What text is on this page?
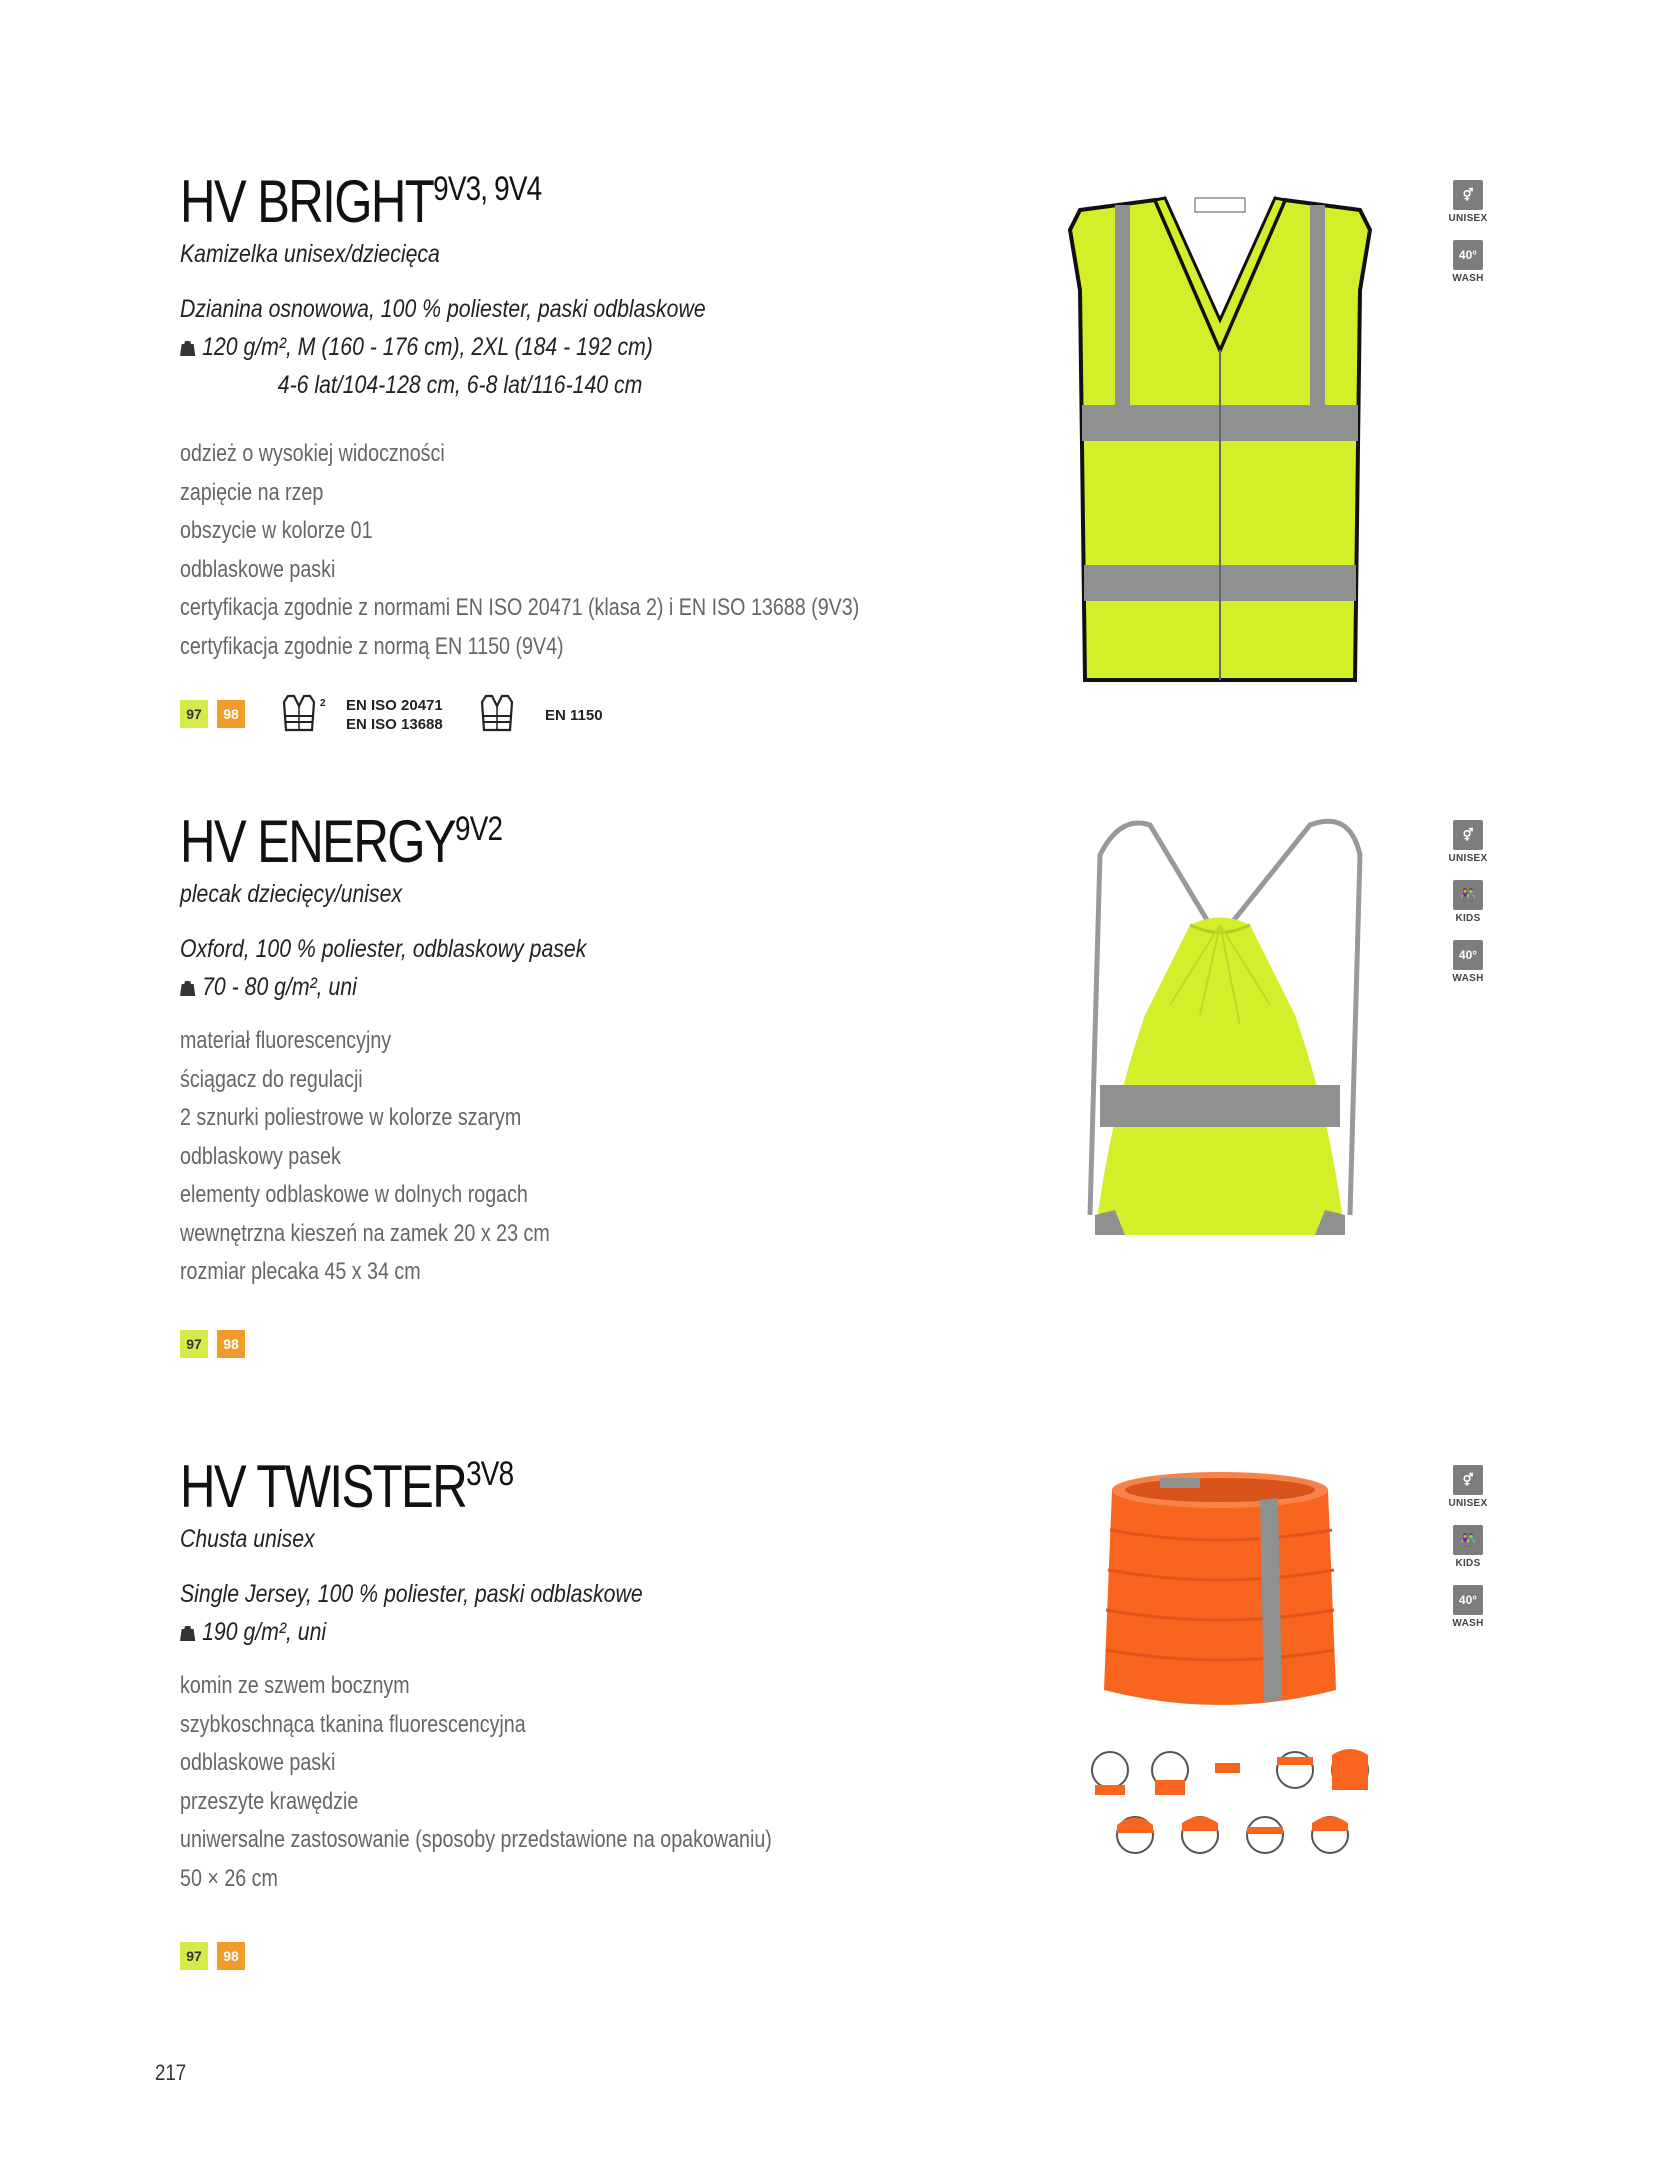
HV $BRIGHT^{9V3, 9V4}$
Kamizelka unisex/dziecięca
Dzianina osnowowa, 100 % poliester, paski odblaskowe
120 g/m², M (160 - 176 cm), 2XL (184 - 192 cm)
4-6 lat/104-128 cm, 6-8 lat/116-140 cm
odzież o wysokiej widoczności
zapięcie na rzep
obszycie w kolorze 01
odblaskowe paski
certyfikacja zgodnie z normami EN ISO 20471 (klasa 2) i EN ISO 13688 (9V3)
certyfikacja zgodnie z normą EN 1150 (9V4)
97	98
2 EN ISO 20471
EN ISO 13688
EN 1150
⚥
UNISEX
40°
WASH
HV $ENERGY^{9V2}$
plecak dziecięcy/unisex
Oxford, 100 % poliester, odblaskowy pasek
70 - 80 g/m², uni
materiał fluorescencyjny
ściągacz do regulacji
2 sznurki poliestrowe w kolorze szarym
odblaskowy pasek
elementy odblaskowe w dolnych rogach
wewnętrzna kieszeń na zamek 20 x 23 cm
rozmiar plecaka 45 x 34 cm
97	98
⚥
UNISEX
👫
KIDS
40°
WASH
HV $TWISTER^{3V8}$
Chusta unisex
Single Jersey, 100 % poliester, paski odblaskowe
190 g/m², uni
komin ze szwem bocznym
szybkoschnąca tkanina fluorescencyjna
odblaskowe paski
przeszyte krawędzie
uniwersalne zastosowanie (sposoby przedstawione na opakowaniu)
50 × 26 cm
97	98
⚥
UNISEX
👫
KIDS
40°
WASH
217
